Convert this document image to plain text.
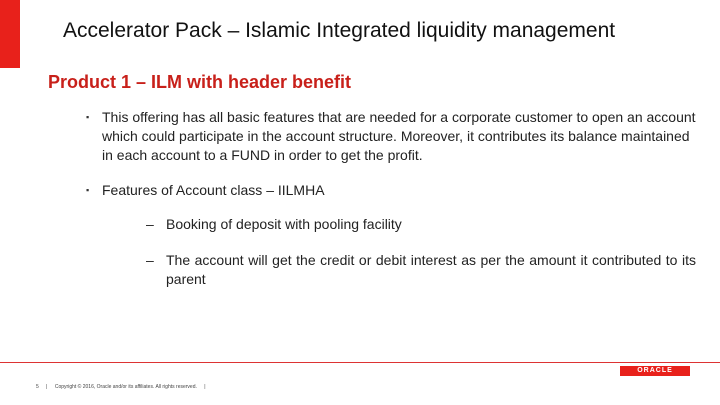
Accelerator Pack – Islamic Integrated liquidity management
Product 1 – ILM with header benefit
▪ This offering has all basic features that are needed for a corporate customer to open an account which could participate in the account structure. Moreover, it contributes its balance maintained in each account to a FUND in order to get the profit.
▪ Features of Account class – IILMHA
– Booking of deposit with pooling facility
– The account will get the credit or debit interest as per the amount it contributed to its parent
ORACLE
5 | Copyright © 2016, Oracle and/or its affiliates. All rights reserved. |
